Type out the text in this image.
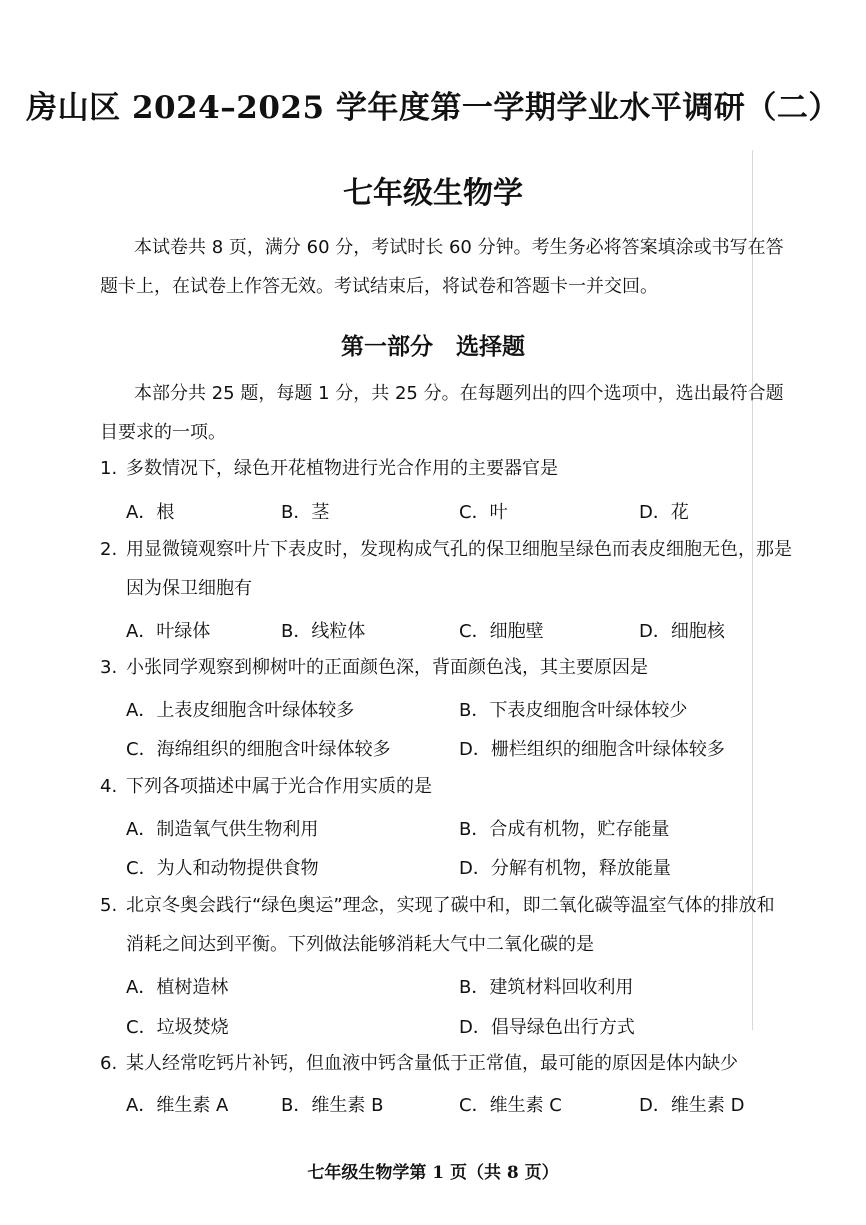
房山区 2024–2025 学年度第一学期学业水平调研（二）
七年级生物学
本试卷共 8 页，满分 60 分，考试时长 60 分钟。考生务必将答案填涂或书写在答题卡上，在试卷上作答无效。考试结束后，将试卷和答题卡一并交回。
第一部分　选择题
本部分共 25 题，每题 1 分，共 25 分。在每题列出的四个选项中，选出最符合题目要求的一项。
1. 多数情况下，绿色开花植物进行光合作用的主要器官是
A．根	B．茎	C．叶	D．花
2. 用显微镜观察叶片下表皮时，发现构成气孔的保卫细胞呈绿色而表皮细胞无色，那是
因为保卫细胞有
A．叶绿体	B．线粒体	C．细胞壁	D．细胞核
3. 小张同学观察到柳树叶的正面颜色深，背面颜色浅，其主要原因是
A．上表皮细胞含叶绿体较多	B．下表皮细胞含叶绿体较少
C．海绵组织的细胞含叶绿体较多	D．栅栏组织的细胞含叶绿体较多
4. 下列各项描述中属于光合作用实质的是
A．制造氧气供生物利用	B．合成有机物，贮存能量
C．为人和动物提供食物	D．分解有机物，释放能量
5. 北京冬奥会践行“绿色奥运”理念，实现了碳中和，即二氧化碳等温室气体的排放和
消耗之间达到平衡。下列做法能够消耗大气中二氧化碳的是
A．植树造林	B．建筑材料回收利用
C．垃圾焚烧	D．倡导绿色出行方式
6. 某人经常吃钙片补钙，但血液中钙含量低于正常值，最可能的原因是体内缺少
A．维生素 A	B．维生素 B	C．维生素 C	D．维生素 D
七年级生物学第 1 页（共 8 页）
